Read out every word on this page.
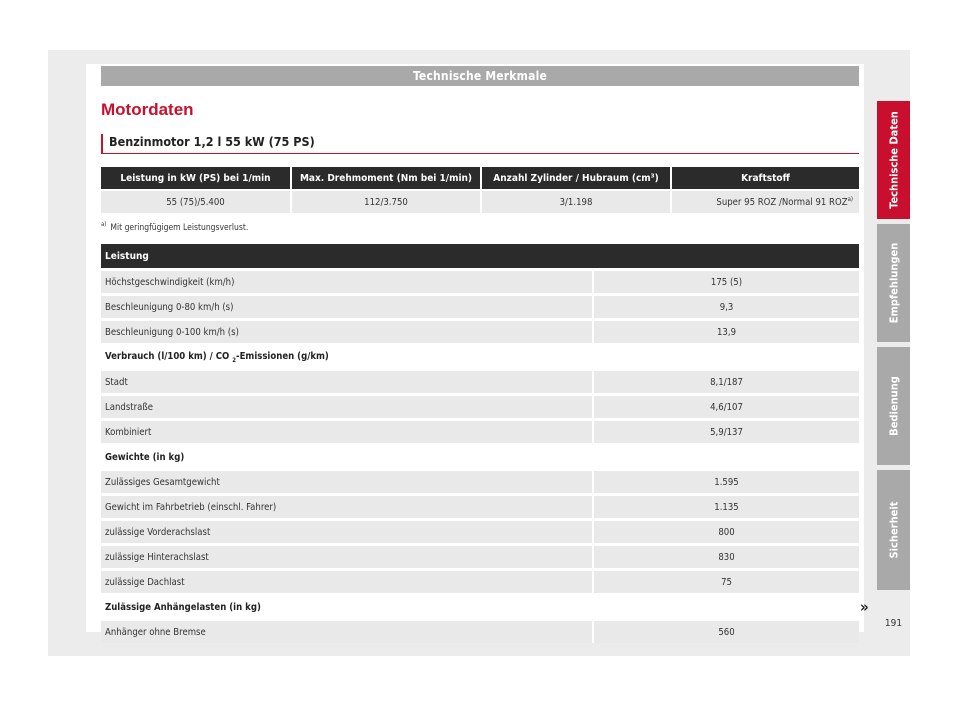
Technische Merkmale
Motordaten
Benzinmotor 1,2 l 55 kW (75 PS)
Leistung in kW (PS) bei 1/min	Max. Drehmoment (Nm bei 1/min)	Anzahl Zylinder / Hubraum (cm³)	Kraftstoff
55 (75)/5.400	112/3.750	3/1.198	Super 95 ROZ /Normal 91 ROZ$^{a)}$
$^{a)}$ Mit geringfügigem Leistungsverlust.
Leistung	
Höchstgeschwindigkeit (km/h)	175 (5)
Beschleunigung 0-80 km/h (s)	9,3
Beschleunigung 0-100 km/h (s)	13,9
Verbrauch (l/100 km) / CO $_2$-Emissionen (g/km)	
Stadt	8,1/187
Landstraße	4,6/107
Kombiniert	5,9/137
Gewichte (in kg)	
Zulässiges Gesamtgewicht	1.595
Gewicht im Fahrbetrieb (einschl. Fahrer)	1.135
zulässige Vorderachslast	800
zulässige Hinterachslast	830
zulässige Dachlast	75
Zulässige Anhängelasten (in kg)	
Anhänger ohne Bremse	560
»
Technische Daten
Empfehlungen
Bedienung
Sicherheit
191
